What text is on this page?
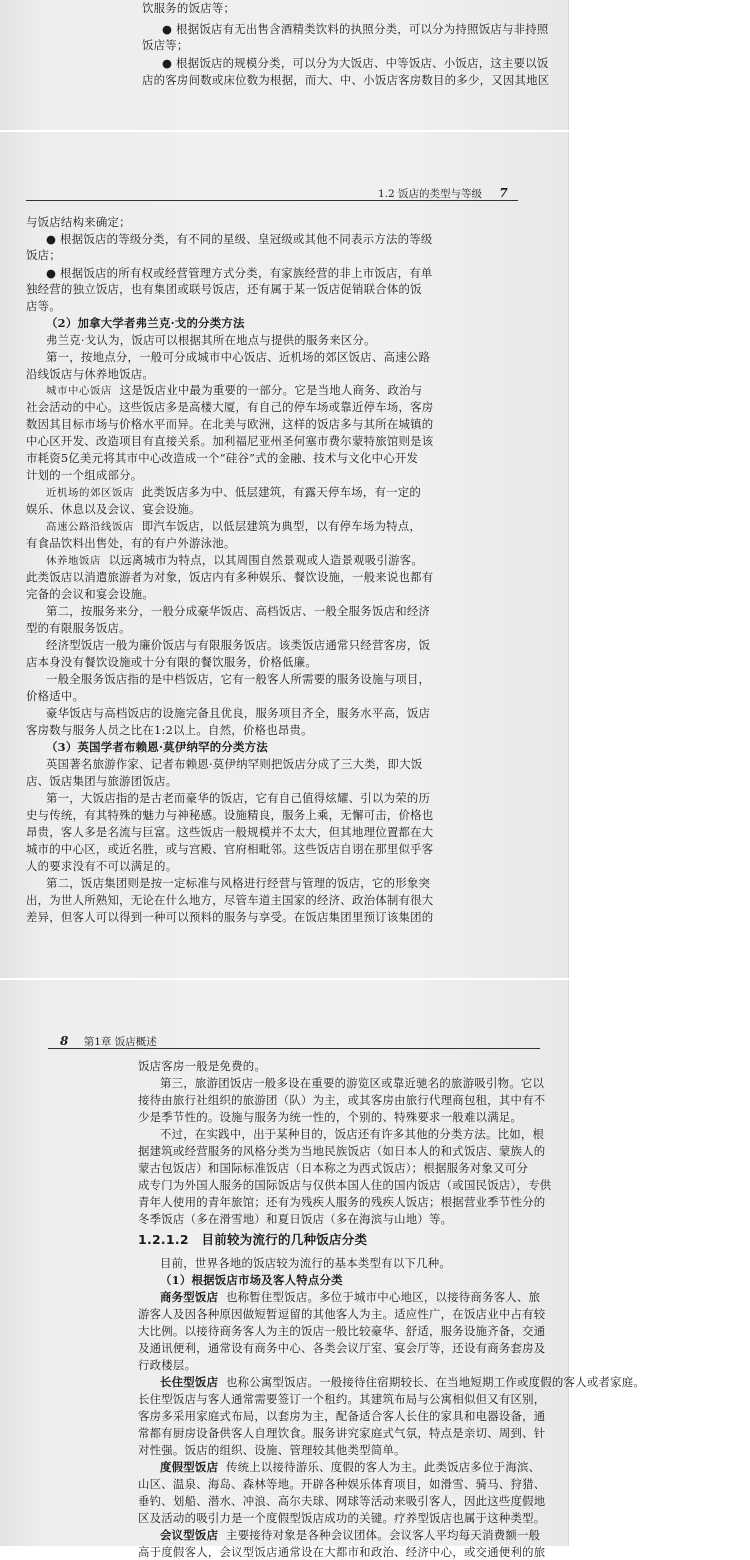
饮服务的饭店等；

● 根据饭店有无出售含酒精类饮料的执照分类，可以分为持照饭店与非持照

饭店等；

● 根据饭店的规模分类，可以分为大饭店、中等饭店、小饭店，这主要以饭

店的客房间数或床位数为根据，而大、中、小饭店客房数目的多少，又因其地区

1.2 饭店的类型与等级 7

与饭店结构来确定；

● 根据饭店的等级分类，有不同的星级、皇冠级或其他不同表示方法的等级

饭店；

● 根据饭店的所有权或经营管理方式分类，有家族经营的非上市饭店，有单

独经营的独立饭店，也有集团或联号饭店，还有属于某一饭店促销联合体的饭

店等。

（2）加拿大学者弗兰克·戈的分类方法

弗兰克·戈认为，饭店可以根据其所在地点与提供的服务来区分。

第一，按地点分，一般可分成城市中心饭店、近机场的郊区饭店、高速公路

沿线饭店与休养地饭店。

城市中心饭店 这是饭店业中最为重要的一部分。它是当地人商务、政治与

社会活动的中心。这些饭店多是高楼大厦，有自己的停车场或靠近停车场，客房

数因其目标市场与价格水平而异。在北美与欧洲，这样的饭店多与其所在城镇的

中心区开发、改造项目有直接关系。加利福尼亚州圣何塞市费尔蒙特旅馆则是该

市耗资5亿美元将其市中心改造成一个“硅谷”式的金融、技术与文化中心开发

计划的一个组成部分。

近机场的郊区饭店 此类饭店多为中、低层建筑，有露天停车场，有一定的

娱乐、休息以及会议、宴会设施。

高速公路沿线饭店 即汽车饭店，以低层建筑为典型，以有停车场为特点，

有食品饮料出售处，有的有户外游泳池。

休养地饭店 以远离城市为特点，以其周围自然景观或人造景观吸引游客。

此类饭店以消遣旅游者为对象，饭店内有多种娱乐、餐饮设施，一般来说也都有

完备的会议和宴会设施。

第二，按服务来分，一般分成豪华饭店、高档饭店、一般全服务饭店和经济

型的有限服务饭店。

经济型饭店一般为廉价饭店与有限服务饭店。该类饭店通常只经营客房，饭

店本身没有餐饮设施或十分有限的餐饮服务，价格低廉。

一般全服务饭店指的是中档饭店，它有一般客人所需要的服务设施与项目，

价格适中。

豪华饭店与高档饭店的设施完备且优良，服务项目齐全，服务水平高，饭店

客房数与服务人员之比在1:2以上。自然，价格也昂贵。

（3）英国学者布赖恩·莫伊纳罕的分类方法

英国著名旅游作家、记者布赖恩·莫伊纳罕则把饭店分成了三大类，即大饭

店、饭店集团与旅游团饭店。

第一，大饭店指的是古老而豪华的饭店，它有自己值得炫耀、引以为荣的历

史与传统，有其特殊的魅力与神秘感。设施精良，服务上乘，无懈可击，价格也

昂贵，客人多是名流与巨富。这些饭店一般规模并不太大，但其地理位置都在大

城市的中心区，或近名胜，或与宫殿、官府相毗邻。这些饭店自诩在那里似乎客

人的要求没有不可以满足的。

第二，饭店集团则是按一定标准与风格进行经营与管理的饭店，它的形象突

出，为世人所熟知，无论在什么地方，尽管车道主国家的经济、政治体制有很大

差异，但客人可以得到一种可以预料的服务与享受。在饭店集团里预订该集团的

8 第1章 饭店概述

饭店客房一般是免费的。

第三，旅游团饭店一般多设在重要的游览区或靠近驰名的旅游吸引物。它以

接待由旅行社组织的旅游团（队）为主，或其客房由旅行代理商包租，其中有不

少是季节性的。设施与服务为统一性的，个别的、特殊要求一般难以满足。

不过，在实践中，出于某种目的，饭店还有许多其他的分类方法。比如，根

据建筑或经营服务的风格分类为当地民族饭店（如日本人的和式饭店、蒙族人的

蒙古包饭店）和国际标准饭店（日本称之为西式饭店）；根据服务对象又可分

成专门为外国人服务的国际饭店与仅供本国人住的国内饭店（或国民饭店），专供

青年人使用的青年旅馆；还有为残疾人服务的残疾人饭店；根据营业季节性分的

冬季饭店（多在滑雪地）和夏日饭店（多在海滨与山地）等。

1.2.1.2　目前较为流行的几种饭店分类

目前，世界各地的饭店较为流行的基本类型有以下几种。

（1）根据饭店市场及客人特点分类

商务型饭店 也称暂住型饭店。多位于城市中心地区，以接待商务客人、旅

游客人及因各种原因做短暂逗留的其他客人为主。适应性广，在饭店业中占有较

大比例。以接待商务客人为主的饭店一般比较豪华、舒适，服务设施齐备，交通

及通讯便利，通常设有商务中心、各类会议厅室、宴会厅等，还设有商务套房及

行政楼层。

长住型饭店 也称公寓型饭店。一般接待住宿期较长、在当地短期工作或度假的客人或者家庭。

长住型饭店与客人通常需要签订一个租约。其建筑布局与公寓相似但又有区别，

客房多采用家庭式布局，以套房为主，配备适合客人长住的家具和电器设备，通

常都有厨房设备供客人自理饮食。服务讲究家庭式气氛，特点是亲切、周到、针

对性强。饭店的组织、设施、管理较其他类型简单。

度假型饭店 传统上以接待游乐、度假的客人为主。此类饭店多位于海滨、

山区、温泉、海岛、森林等地。开辟各种娱乐体育项目，如滑雪、骑马、狩猎、

垂钓、划船、潜水、冲浪、高尔夫球、网球等活动来吸引客人，因此这些度假地

区及活动的吸引力是一个度假型饭店成功的关键。疗养型饭店也属于这种类型。

会议型饭店 主要接待对象是各种会议团体。会议客人平均每天消费额一般

高于度假客人，会议型饭店通常设在大都市和政治、经济中心，或交通便利的旅
